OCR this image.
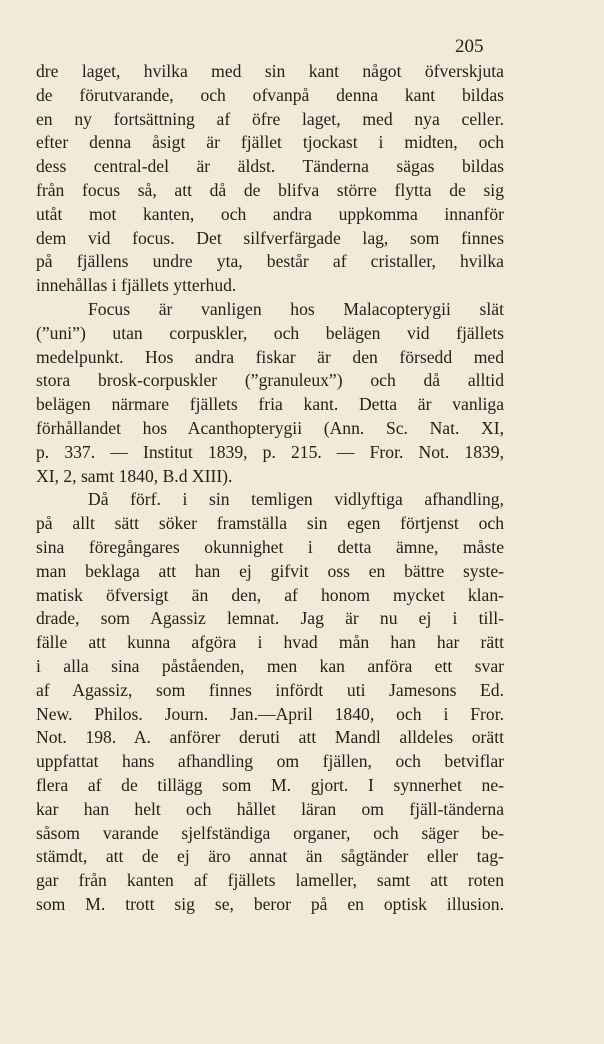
205
dre laget, hvilka med sin kant något öfverskjuta
de förutvarande, och ofvanpå denna kant bildas
en ny fortsättning af öfre laget, med nya celler.
efter denna åsigt är fjället tjockast i midten, och
dess central-del är äldst. Tänderna sägas bildas
från focus så, att då de blifva större flytta de sig
utåt mot kanten, och andra uppkomma innanför
dem vid focus. Det silfverfärgade lag, som finnes
på fjällens undre yta, består af cristaller, hvilka
innehållas i fjällets ytterhud.
Focus är vanligen hos Malacopterygii slät
(”uni”) utan corpuskler, och belägen vid fjällets
medelpunkt. Hos andra fiskar är den försedd med
stora brosk-corpuskler (”granuleux”) och då alltid
belägen närmare fjällets fria kant. Detta är vanliga
förhållandet hos Acanthopterygii (Ann. Sc. Nat. XI,
p. 337. — Institut 1839, p. 215. — Fror. Not. 1839,
XI, 2, samt 1840, B.d XIII).
Då förf. i sin temligen vidlyftiga afhandling,
på allt sätt söker framställa sin egen förtjenst och
sina föregångares okunnighet i detta ämne, måste
man beklaga att han ej gifvit oss en bättre syste-
matisk öfversigt än den, af honom mycket klan-
drade, som Agassiz lemnat. Jag är nu ej i till-
fälle att kunna afgöra i hvad mån han har rätt
i alla sina påståenden, men kan anföra ett svar
af Agassiz, som finnes infördt uti Jamesons Ed.
New. Philos. Journ. Jan.—April 1840, och i Fror.
Not. 198. A. anförer deruti att Mandl alldeles orätt
uppfattat hans afhandling om fjällen, och betviflar
flera af de tillägg som M. gjort. I synnerhet ne-
kar han helt och hållet läran om fjäll-tänderna
såsom varande sjelfständiga organer, och säger be-
stämdt, att de ej äro annat än sågtänder eller tag-
gar från kanten af fjällets lameller, samt att roten
som M. trott sig se, beror på en optisk illusion.
